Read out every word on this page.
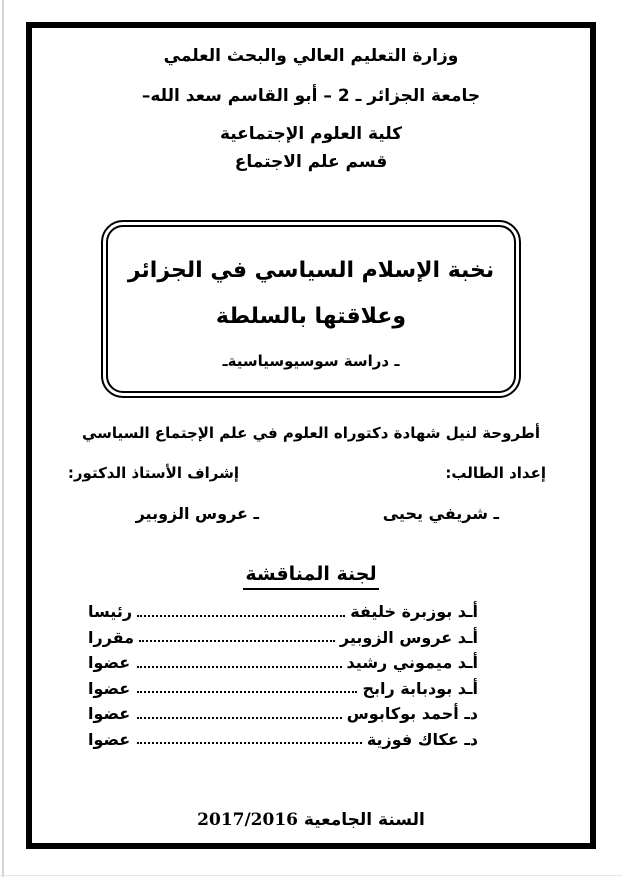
وزارة التعليم العالي والبحث العلمي
جامعة الجزائر ـ 2 – أبو القاسم سعد الله–
كلية العلوم الإجتماعية
قسم علم الاجتماع
نخبة الإسلام السياسي في الجزائر
وعلاقتها بالسلطة
ـ دراسة سوسيوسياسيةـ
أطروحة لنيل شهادة دكتوراه العلوم في علم الإجتماع السياسي
إعداد الطالب:
ـ شريفي يحيى
إشراف الأستاذ الدكتور:
ـ عروس الزوبير
لجنة المناقشة
أـد بوزبرة خليفة
رئيسا
أـد عروس الزوبير
مقررا
أـد ميموني رشيد
عضوا
أـد بودبابة رابح
عضوا
دـ أحمد بوكابوس
عضوا
دـ عكاك فوزية
عضوا
السنة الجامعية 2017/2016
